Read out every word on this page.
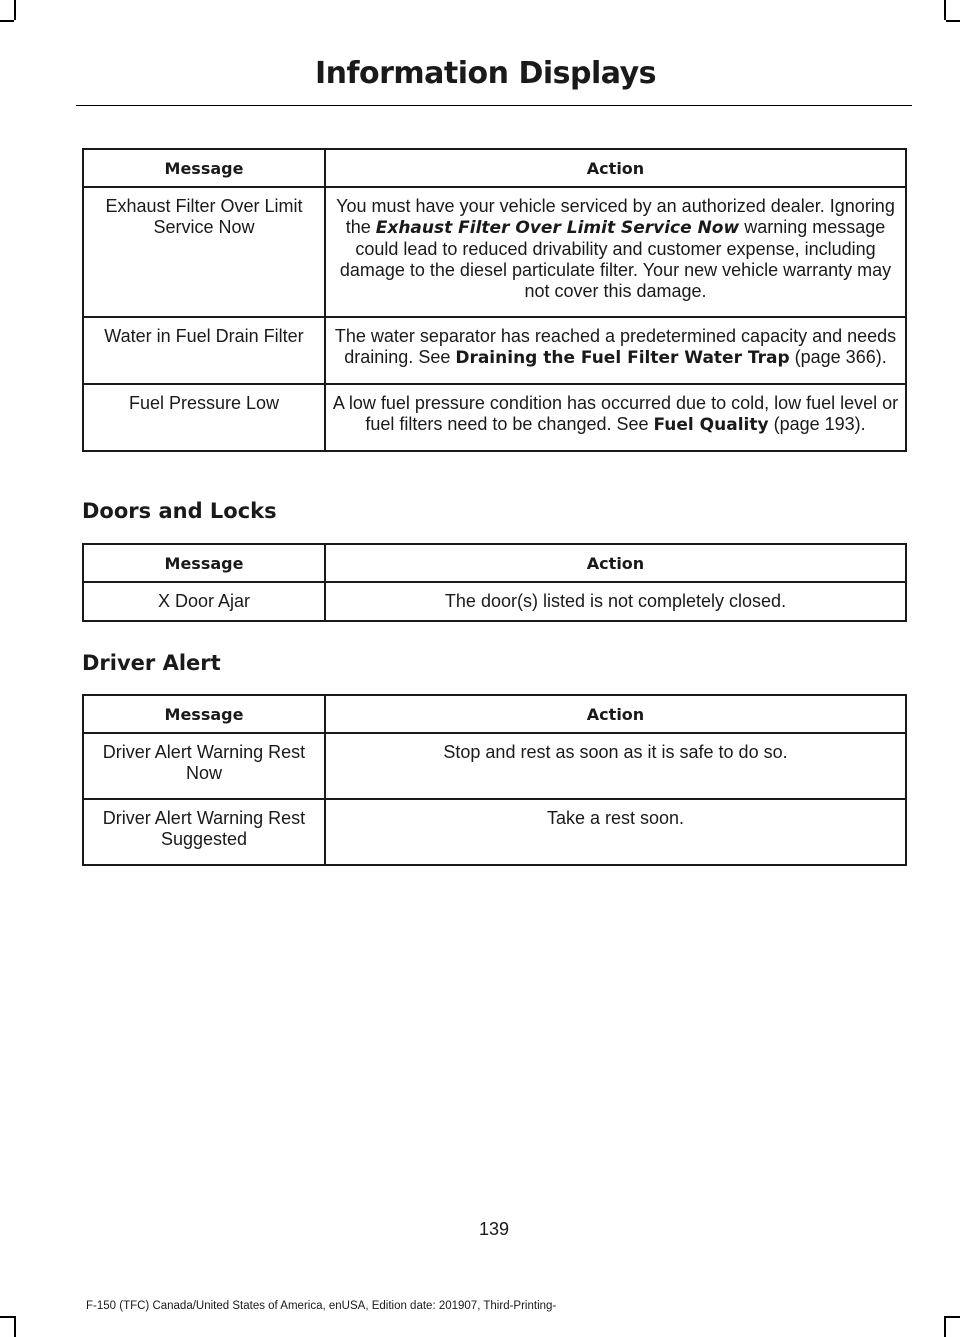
Information Displays
Message	Action
Exhaust Filter Over Limit Service Now	You must have your vehicle serviced by an authorized dealer. Ignoring the Exhaust Filter Over Limit Service Now warning message could lead to reduced drivability and customer expense, including damage to the diesel particulate filter. Your new vehicle warranty may not cover this damage.
Water in Fuel Drain Filter	The water separator has reached a predetermined capacity and needs draining. See Draining the Fuel Filter Water Trap (page 366).
Fuel Pressure Low	A low fuel pressure condition has occurred due to cold, low fuel level or fuel filters need to be changed. See Fuel Quality (page 193).
Doors and Locks
Message	Action
X Door Ajar	The door(s) listed is not completely closed.
Driver Alert
Message	Action
Driver Alert Warning Rest Now	Stop and rest as soon as it is safe to do so.
Driver Alert Warning Rest Suggested	Take a rest soon.
139
F-150 (TFC) Canada/United States of America, enUSA, Edition date: 201907, Third-Printing-
